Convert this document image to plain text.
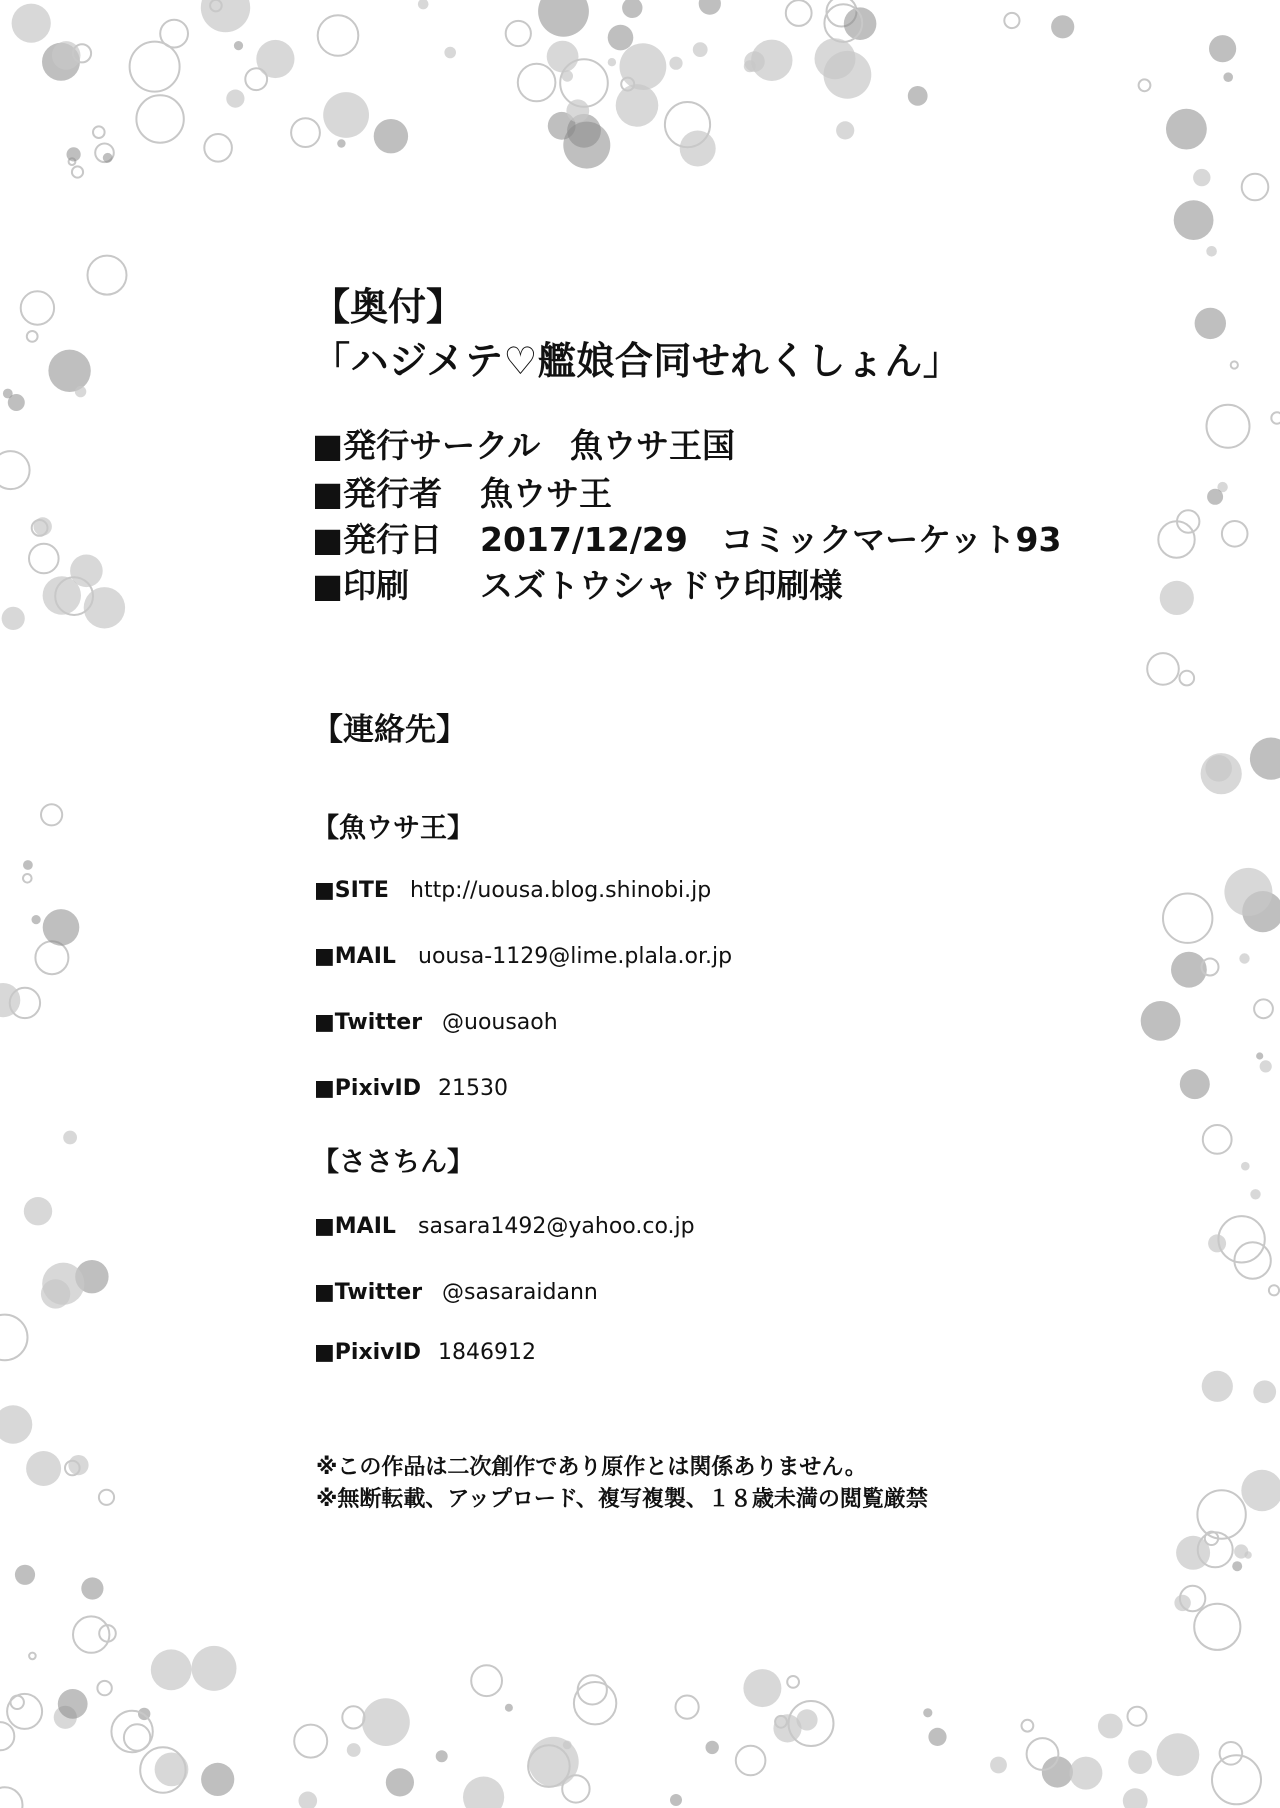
【奥付】
「ハジメテ♡艦娘合同せれくしょん」
■発行サークル 魚ウサ王国
■発行者 魚ウサ王
■発行日 2017/12/29　コミックマーケット93
■印刷 スズトウシャドウ印刷様
【連絡先】
【魚ウサ王】
■SITE http://uousa.blog.shinobi.jp
■MAIL uousa-1129@lime.plala.or.jp
■Twitter @uousaoh
■PixivID 21530
【ささちん】
■MAIL sasara1492@yahoo.co.jp
■Twitter @sasaraidann
■PixivID 1846912
※この作品は二次創作であり原作とは関係ありません。
※無断転載、アップロード、複写複製、１８歳未満の閲覧厳禁
